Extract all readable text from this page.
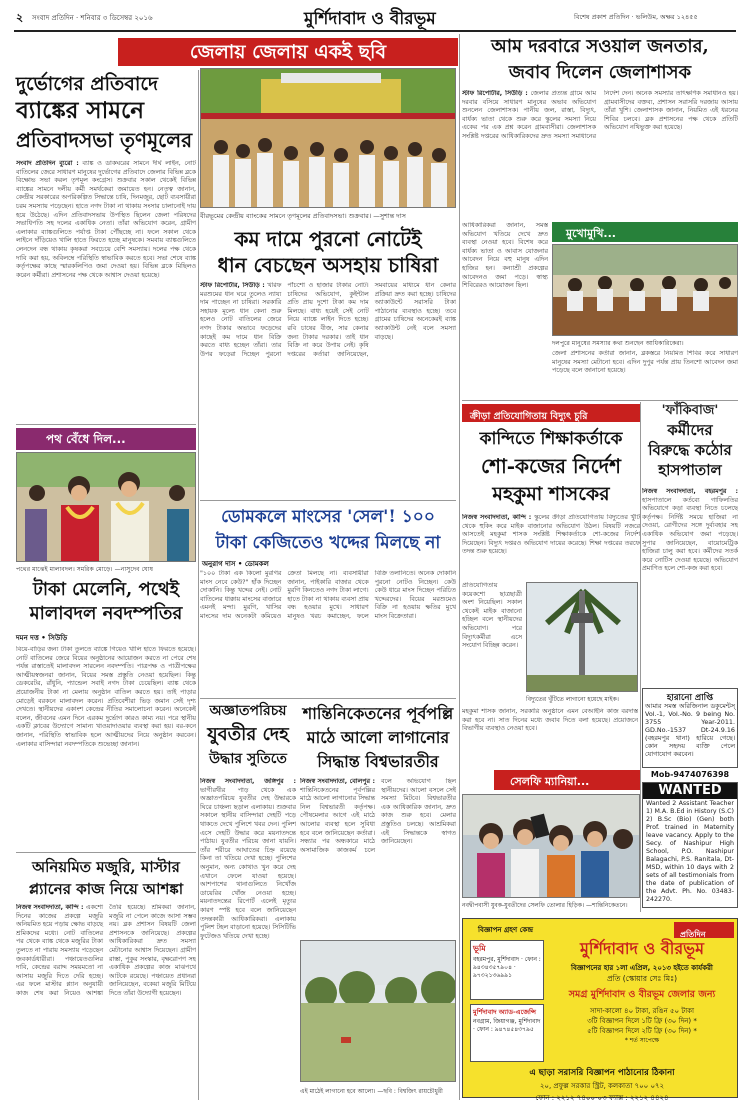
২ সংবাদ প্রতিদিন · শনিবার ৩ ডিসেম্বর ২০১৬	মুর্শিদাবাদ ও বীরভূম	বিশেষ প্রকাশ প্রতিদিন · ভলিউম, অক্ষর ১২৪৫৫
জেলায় জেলায় একই ছবি
দুর্ভোগের প্রতিবাদে
ব্যাঙ্কের সামনে
প্রতিবাদসভা তৃণমূলের
সংবাদ প্রতিদিন ব্যুরো : ব্যাঙ্ক ও ডাকঘরের সামনে দীর্ঘ লাইন, নোট বাতিলের জেরে সাধারণ মানুষের দুর্ভোগের প্রতিবাদে জেলার বিভিন্ন ব্লকে বিক্ষোভ সভা করল তৃণমূল কংগ্রেস। শুক্রবার সকাল থেকেই বিভিন্ন ব্যাঙ্কের সামনে দলীয় কর্মী সমর্থকেরা জমায়েত হন। নেতৃত্ব জানান, কেন্দ্রীয় সরকারের অপরিকল্পিত সিদ্ধান্তে চাষি, দিনমজুর, ছোট ব্যবসায়ীরা চরম সমস্যায় পড়েছেন। হাতে নগদ টাকা না থাকায় সংসার চালানোই দায় হয়ে উঠেছে। এদিন প্রতিবাদসভায় উপস্থিত ছিলেন জেলা পরিষদের সভাধিপতি সহ দলের একাধিক নেতা। তাঁরা অভিযোগ করেন, গ্রামীণ এলাকার ব্যাঙ্কগুলিতে পর্যাপ্ত টাকা পৌঁছচ্ছে না। ফলে সকাল থেকে লাইনে দাঁড়িয়েও খালি হাতে ফিরতে হচ্ছে মানুষকে। সমবায় ব্যাঙ্কগুলিতে লেনদেন বন্ধ থাকায় কৃষকরা সবচেয়ে বেশি সমস্যায়। দলের পক্ষ থেকে দাবি করা হয়, অবিলম্বে পরিস্থিতি স্বাভাবিক করতে হবে। সভা শেষে ব্যাঙ্ক কর্তৃপক্ষের কাছে স্মারকলিপিও জমা দেওয়া হয়। বিভিন্ন ব্লকে মিছিলও করেন কর্মীরা। প্রশাসনের পক্ষ থেকে আশ্বাস দেওয়া হয়েছে।
বীরভূমের কেন্দ্রীয় ব্যাংকের সামনে তৃণমূলের প্রতিবাদসভা। শুক্রবার। —সুশান্ত দাস
কম দামে পুরনো নোটেই
ধান বেচছেন অসহায় চাষিরা
স্টাফ রিপোর্টার, সিউড়ি : খরিফ মরশুমের ধান ঘরে তুলেও ন্যায্য দাম পাচ্ছেন না চাষিরা। সরকারি সহায়ক মূল্যে ধান কেনা শুরু হলেও নোট বাতিলের জেরে নগদ টাকার অভাবে ফড়েদের কাছেই কম দামে ধান বিক্রি করতে বাধ্য হচ্ছেন তাঁরা। তার উপর ফড়েরা দিচ্ছেন পুরনো পাঁচশো ও হাজার টাকার নোট। চাষিদের অভিযোগ, কুইন্টাল প্রতি প্রায় দুশো টাকা কম দাম মিলছে। বাধ্য হয়েই সেই নোট নিয়ে ব্যাঙ্কে লাইন দিতে হচ্ছে। রবি চাষের বীজ, সার কেনার জন্য টাকার দরকার। তাই ধান বিক্রি না করে উপায় নেই। কৃষি দপ্তরের কর্তারা জানিয়েছেন, সমবায়ের মাধ্যমে ধান কেনার প্রক্রিয়া দ্রুত করা হচ্ছে। চাষিদের অ্যাকাউন্টে সরাসরি টাকা পাঠানোর ব্যবস্থাও হচ্ছে। তবে গ্রামের চাষিদের অনেকেরই ব্যাঙ্ক অ্যাকাউন্ট নেই বলে সমস্যা বাড়ছে।
আম দরবারে সওয়াল জনতার,
জবাব দিলেন জেলাশাসক
স্টাফ রিপোর্টার, সিউড়ি : জেলার প্রত্যন্ত গ্রামে আম দরবার বসিয়ে সাধারণ মানুষের অভাব অভিযোগ শুনলেন জেলাশাসক। পানীয় জল, রাস্তা, বিদ্যুৎ, বার্ধক্য ভাতা থেকে শুরু করে স্কুলের সমস্যা নিয়ে একের পর এক প্রশ্ন করেন গ্রামবাসীরা। জেলাশাসক সংশ্লিষ্ট দপ্তরের আধিকারিকদের দ্রুত সমস্যা সমাধানের নির্দেশ দেন। অনেক সমস্যার তাৎক্ষণিক সমাধানও হয়। গ্রামবাসীদের বক্তব্য, প্রশাসন সরাসরি দরজায় আসায় তাঁরা খুশি। জেলাশাসক জানান, নিয়মিত এই ধরনের শিবির চলবে। ব্লক প্রশাসনের পক্ষ থেকে প্রতিটি অভিযোগ নথিভুক্ত করা হয়েছে।
মুখোমুখি...
আধিকারিকরা জানান, সমস্ত অভিযোগ খতিয়ে দেখে দ্রুত ব্যবস্থা নেওয়া হবে। বিশেষ করে বার্ধক্য ভাতা ও আবাস যোজনার আবেদন নিয়ে বহু মানুষ এদিন হাজির হন। কন্যাশ্রী প্রকল্পের আবেদনও জমা পড়ে। স্বাস্থ্য শিবিরেরও আয়োজন ছিল।
দলপুরে মানুষের সমস্যার কথা শুনছেন আধিকারিকেরা।
জেলা প্রশাসনের কর্তারা জানান, ব্লকস্তরে নিয়মিত শিবির করে সাধারণ মানুষের সমস্যা মেটানো হবে। এদিন দুপুর পর্যন্ত প্রায় তিনশো আবেদন জমা পড়েছে বলে জানানো হয়েছে।
'ফাঁকিবাজ'
কর্মীদের
বিরুদ্ধে কঠোর
হাসপাতাল
নিজস্ব সংবাদদাতা, বহরমপুর : হাসপাতালে কর্তব্যে গাফিলতির অভিযোগে কড়া ব্যবস্থা নিতে চলেছে কর্তৃপক্ষ। নির্দিষ্ট সময়ে হাজিরা না দেওয়া, রোগীদের সঙ্গে দুর্ব্যবহার সহ একাধিক অভিযোগ জমা পড়েছে। সুপার জানিয়েছেন, বায়োমেট্রিক হাজিরা চালু করা হবে। কর্মীদের সতর্ক করে নোটিস দেওয়া হয়েছে। অভিযোগ প্রমাণিত হলে শো-কজ করা হবে।
ক্রীড়া প্রতিযোগিতায় বিদ্যুৎ চুরি
কান্দিতে শিক্ষাকর্তাকে
শো-কজের নির্দেশ
মহকুমা শাসকের
নিজস্ব সংবাদদাতা, কান্দি : স্কুলের ক্রীড়া প্রতিযোগিতায় বিদ্যুতের খুঁটি থেকে হুকিং করে মাইক বাজানোর অভিযোগ উঠল। বিষয়টি নজরে আসতেই মহকুমা শাসক সংশ্লিষ্ট শিক্ষাকর্তাকে শো-কজের নির্দেশ দিয়েছেন। বিদ্যুৎ দপ্তরও অভিযোগ দায়ের করেছে। শিক্ষা দপ্তরের তরফে তদন্ত শুরু হয়েছে।
প্রতিযোগিতায় কয়েকশো ছাত্রছাত্রী অংশ নিয়েছিল। সকাল থেকেই মাইক বাজানো হচ্ছিল বলে স্থানীয়দের অভিযোগ। পরে বিদ্যুৎকর্মীরা এসে সংযোগ বিচ্ছিন্ন করেন।
বিদ্যুতের খুঁটিতে লাগানো হয়েছে মাইক।
মহকুমা শাসক জানান, সরকারি অনুষ্ঠানে এমন বেআইনি কাজ বরদাস্ত করা হবে না। সাত দিনের মধ্যে জবাব দিতে বলা হয়েছে। প্রয়োজনে বিভাগীয় ব্যবস্থাও নেওয়া হবে।
হারানো প্রাপ্তি
আমার সমস্ত অরিজিনাল ডকুমেন্টস্ Vol.-1, Vol.-No. 9 being No. 3755 Year-2011. GD.No.-1537 Dt-24.9.16 (বহরমপুর থানা) হারিয়ে গেছে। কোন সহৃদয় ব্যক্তি পেলে যোগাযোগ করবেন।
Mob-9474076398
WANTED
Wanted 2 Assistant Teacher 1) M.A. B.Ed in History (S.C) 2) B.Sc (Bio) (Gen) both Prof. trained in Maternity leave vacancy. Apply to the Secy. of Nashipur High School, P.O. Nashipur Balagachi, P.S. Ranitala, Dt-MSD, within 10 days with 2 sets of all testimonials from the date of publication of the Advt. Ph. No. 03483-242270.
সেলফি ম্যানিয়া...
নবদ্বীপবাসী যুবক-যুবতীদের সেলফি তোলার হিড়িক। —শান্তিনিকেতনে।
পথ বেঁধে দিল...
পথের মাঝেই মালাবদল। সমরিক মোড়ে। —নাসুদেব ঘোষ
টাকা মেলেনি, পথেই
মালাবদল নবদম্পতির
দমন দত্ত • সিউড়ি
বিয়ে-বাড়ির জন্য টাকা তুলতে ব্যাঙ্কে গিয়েও খালি হাতে ফিরতে হয়েছে। নোট বাতিলের জেরে বিয়ের অনুষ্ঠানের আয়োজন করতে না পেরে শেষ পর্যন্ত রাস্তাতেই মালাবদল সারলেন নবদম্পতি। পাত্রপক্ষ ও পাত্রীপক্ষের আত্মীয়স্বজনরা জানান, বিয়ের সমস্ত প্রস্তুতি নেওয়া হয়েছিল। কিন্তু ডেকরেটর, রাঁধুনি, প্যান্ডেল সবাই নগদ টাকা চেয়েছিল। ব্যাঙ্ক থেকে প্রয়োজনীয় টাকা না মেলায় অনুষ্ঠান বাতিল করতে হয়। তাই পাড়ার মোড়েই বরকনে মালাবদল করেন। প্রতিবেশীরা ভিড় জমান সেই দৃশ্য দেখতে। স্থানীয়দের একাংশ কেন্দ্রের নীতির সমালোচনা করেন। অনেকেই বলেন, জীবনের এমন দিনে এরকম দুর্ভোগ কারও কাম্য নয়। পরে স্থানীয় একটি ক্লাবের উদ্যোগে সামান্য খাওয়াদাওয়ার ব্যবস্থা করা হয়। বর-কনে জানান, পরিস্থিতি স্বাভাবিক হলে আত্মীয়দের নিয়ে অনুষ্ঠান করবেন। এলাকার বাসিন্দারা নবদম্পতিকে শুভেচ্ছা জানান।
ডোমকলে মাংসের 'সেল'! ১০০
টাকা কেজিতেও খদ্দের মিলছে না
অনুরাগ দাস • ডোমকল
"১০০ টাকা এক কিলো মুরগির মাংস নেবে কেউ?" হাঁক দিচ্ছেন দোকানি। কিন্তু খদ্দের নেই। নোট বাতিলের ধাক্কায় মাংসের বাজারে এমনই মন্দা। মুরগি, খাসির মাংসের দাম অনেকটা কমিয়েও ক্রেতা মিলছে না। ব্যবসায়ীরা জানান, পাইকারি বাজার থেকে মুরগি কিনতেও নগদ টাকা লাগে। হাতে টাকা না থাকায় ব্যবসা প্রায় বন্ধ হওয়ার মুখে। সাধারণ মানুষও খরচ কমাচ্ছেন, ফলে বিক্রি তলানিতে। অনেক দোকানি পুরনো নোটও নিচ্ছেন। কেউ কেউ ধারে মাংস দিচ্ছেন পরিচিত খদ্দেরদের। বিয়ের মরশুমেও বিক্রি না হওয়ায় ক্ষতির মুখে মাংস বিক্রেতারা।
অজ্ঞাতপরিচয়
যুবতীর দেহ
উদ্ধার সুতিতে
নিজস্ব সংবাদদাতা, জঙ্গিপুর : ভাগীরথীর পাড় থেকে এক অজ্ঞাতপরিচয় যুবতীর দেহ উদ্ধারকে ঘিরে চাঞ্চল্য ছড়াল এলাকায়। শুক্রবার সকালে স্থানীয় বাসিন্দারা দেহটি পড়ে থাকতে দেখে পুলিশে খবর দেন। পুলিশ এসে দেহটি উদ্ধার করে ময়নাতদন্তে পাঠায়। যুবতীর পরিচয় জানা যায়নি। তাঁর শরীরে আঘাতের চিহ্ন রয়েছে কিনা তা খতিয়ে দেখা হচ্ছে। পুলিশের অনুমান, অন্য কোথাও খুন করে দেহ এখানে ফেলে যাওয়া হয়েছে। আশপাশের থানাগুলিতে নিখোঁজ ডায়েরির খোঁজ নেওয়া হচ্ছে। ময়নাতদন্তের রিপোর্ট এলেই মৃত্যুর কারণ স্পষ্ট হবে বলে জানিয়েছেন তদন্তকারী আধিকারিকরা। এলাকায় পুলিশ টহল বাড়ানো হয়েছে। সিসিটিভি ফুটেজও খতিয়ে দেখা হচ্ছে।
অনিয়মিত মজুরি, মাস্টার
প্ল্যানের কাজ নিয়ে আশঙ্কা
নিজস্ব সংবাদদাতা, কান্দি : একশো দিনের কাজের প্রকল্পে মজুরি অনিয়মিত হয়ে পড়ায় ক্ষোভ বাড়ছে শ্রমিকদের মধ্যে। নোট বাতিলের পর থেকে ব্যাঙ্ক থেকে মজুরির টাকা তুলতে না পারায় সমস্যায় পড়েছেন জবকার্ডধারীরা। পঞ্চায়েতগুলির দাবি, কেন্দ্রের বরাদ্দ সময়মতো না আসায় মজুরি দিতে দেরি হচ্ছে। এর ফলে মাস্টার প্ল্যান অনুযায়ী কাজ শেষ করা নিয়েও আশঙ্কা তৈরি হয়েছে। শ্রমিকরা জানান, মজুরি না পেলে কাজে আসা সম্ভব নয়। ব্লক প্রশাসন বিষয়টি জেলা প্রশাসনকে জানিয়েছে। প্রকল্পের আধিকারিকরা দ্রুত সমস্যা মেটানোর আশ্বাস দিয়েছেন। গ্রামীণ রাস্তা, পুকুর সংস্কার, বৃক্ষরোপণ সহ একাধিক প্রকল্পের কাজ মাঝপথে আটকে রয়েছে। পঞ্চায়েত প্রধানরা জানিয়েছেন, বকেয়া মজুরি মিটিয়ে দিতে তাঁরা উদ্যোগী হয়েছেন।
শান্তিনিকেতনের পূর্বপল্লি
মাঠে আলো লাগানোর
সিদ্ধান্ত বিশ্বভারতীর
নিজস্ব সংবাদদাতা, বোলপুর : শান্তিনিকেতনের পূর্বপল্লির মাঠে আলো লাগানোর সিদ্ধান্ত নিল বিশ্বভারতী কর্তৃপক্ষ। পৌষমেলার আগে এই মাঠে আলোর ব্যবস্থা হলে সুবিধা হবে বলে জানিয়েছেন কর্তারা। সন্ধ্যার পর অন্ধকারে মাঠে অসামাজিক কাজকর্ম চলে বলে অভিযোগ ছিল স্থানীয়দের। আলো বসলে সেই সমস্যা মিটবে। বিশ্বভারতীর এক আধিকারিক জানান, দ্রুত কাজ শুরু হবে। মেলার প্রস্তুতিও চলছে। আশ্রমিকরা এই সিদ্ধান্তকে স্বাগত জানিয়েছেন।
এই মাঠেই লাগানো হবে আলো। —ছবি : বিশ্বজিৎ রায়চৌধুরী
বিজ্ঞাপন গ্রহণ কেন্দ্র	প্রতিদিন
মুর্শিদাবাদ ও বীরভূম
বিজ্ঞাপনের হার ১লা এপ্রিল, ২০১৩ হইতে কার্যকরী
প্রতি (স্কোয়ার সেঃ মিঃ)
সমগ্র মুর্শিদাবাদ ও বীরভূম জেলার জন্য
সাদা-কালো ৪০ টাকা, রঙিন ৫০ টাকা
৩টি বিজ্ঞাপন দিলে ১টি ফ্রি (৩০ দিন) *
৫টি বিজ্ঞাপন দিলে ২টি ফ্রি (৩০ দিন) *
* শর্ত সাপেক্ষে
ভূমি
বহরমপুর, মুর্শিদাবাদ · ফোন : ৯৪৩৪৩৫৭৯০৪ · ৯৭৩২১৩৬৯৯১
মুর্শিদাবাদ অ্যাড-এজেন্সি
নবগ্রাম, জিয়াগঞ্জ, মুর্শিদাবাদ · ফোন : ৯৪৭৪৫৪৩৭৯৫
এ ছাড়া সরাসরি বিজ্ঞাপন পাঠানোর ঠিকানা
২০, প্রফুল্ল সরকার স্ট্রিট, কলকাতা ৭০০ ০৭২
ফোন : ২২১২ ৭৪০০-০৩ ফ্যাক্স : ২২১২ ৪৪২৪
